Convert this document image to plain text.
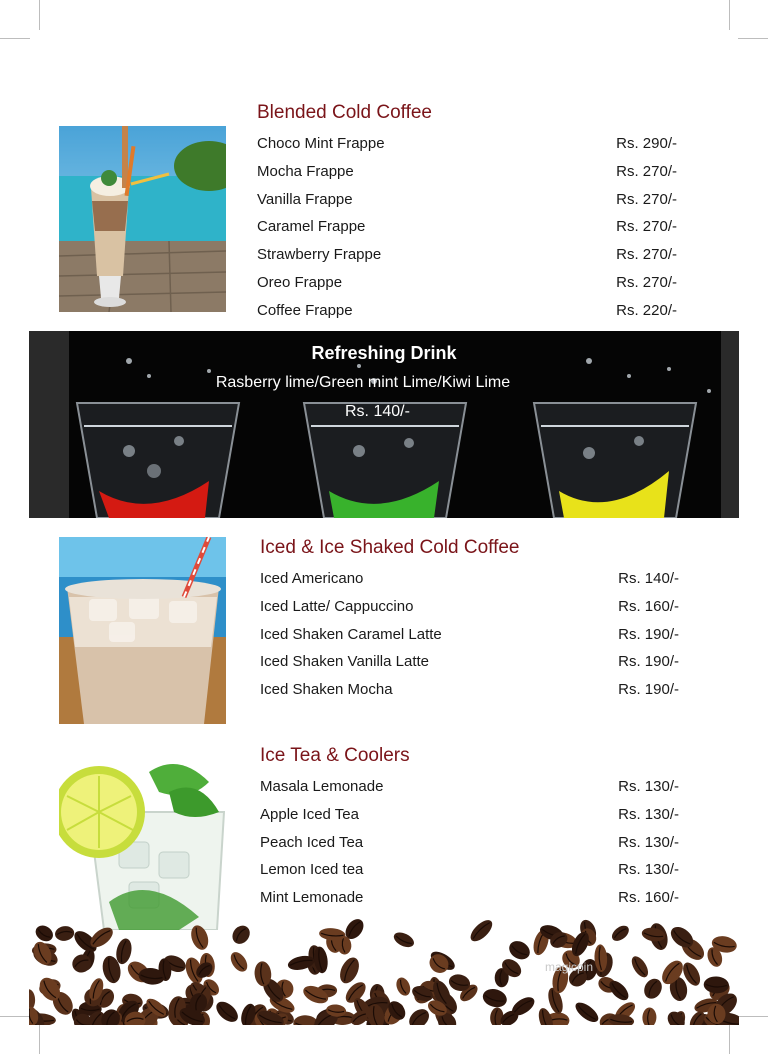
Blended Cold Coffee
Choco Mint Frappe	Rs. 290/-
Mocha Frappe	Rs. 270/-
Vanilla Frappe	Rs. 270/-
Caramel Frappe	Rs. 270/-
Strawberry Frappe	Rs. 270/-
Oreo Frappe	Rs. 270/-
Coffee Frappe	Rs. 220/-
Refreshing Drink
Rasberry lime/Green mint Lime/Kiwi Lime
Rs. 140/-
Iced & Ice Shaked Cold Coffee
Iced Americano	Rs. 140/-
Iced Latte/ Cappuccino	Rs. 160/-
Iced Shaken Caramel Latte	Rs. 190/-
Iced Shaken Vanilla Latte	Rs. 190/-
Iced Shaken Mocha	Rs. 190/-
Ice Tea & Coolers
Masala Lemonade	Rs. 130/-
Apple Iced Tea	Rs. 130/-
Peach Iced Tea	Rs. 130/-
Lemon Iced tea	Rs. 130/-
Mint Lemonade	Rs. 160/-
magicpin
